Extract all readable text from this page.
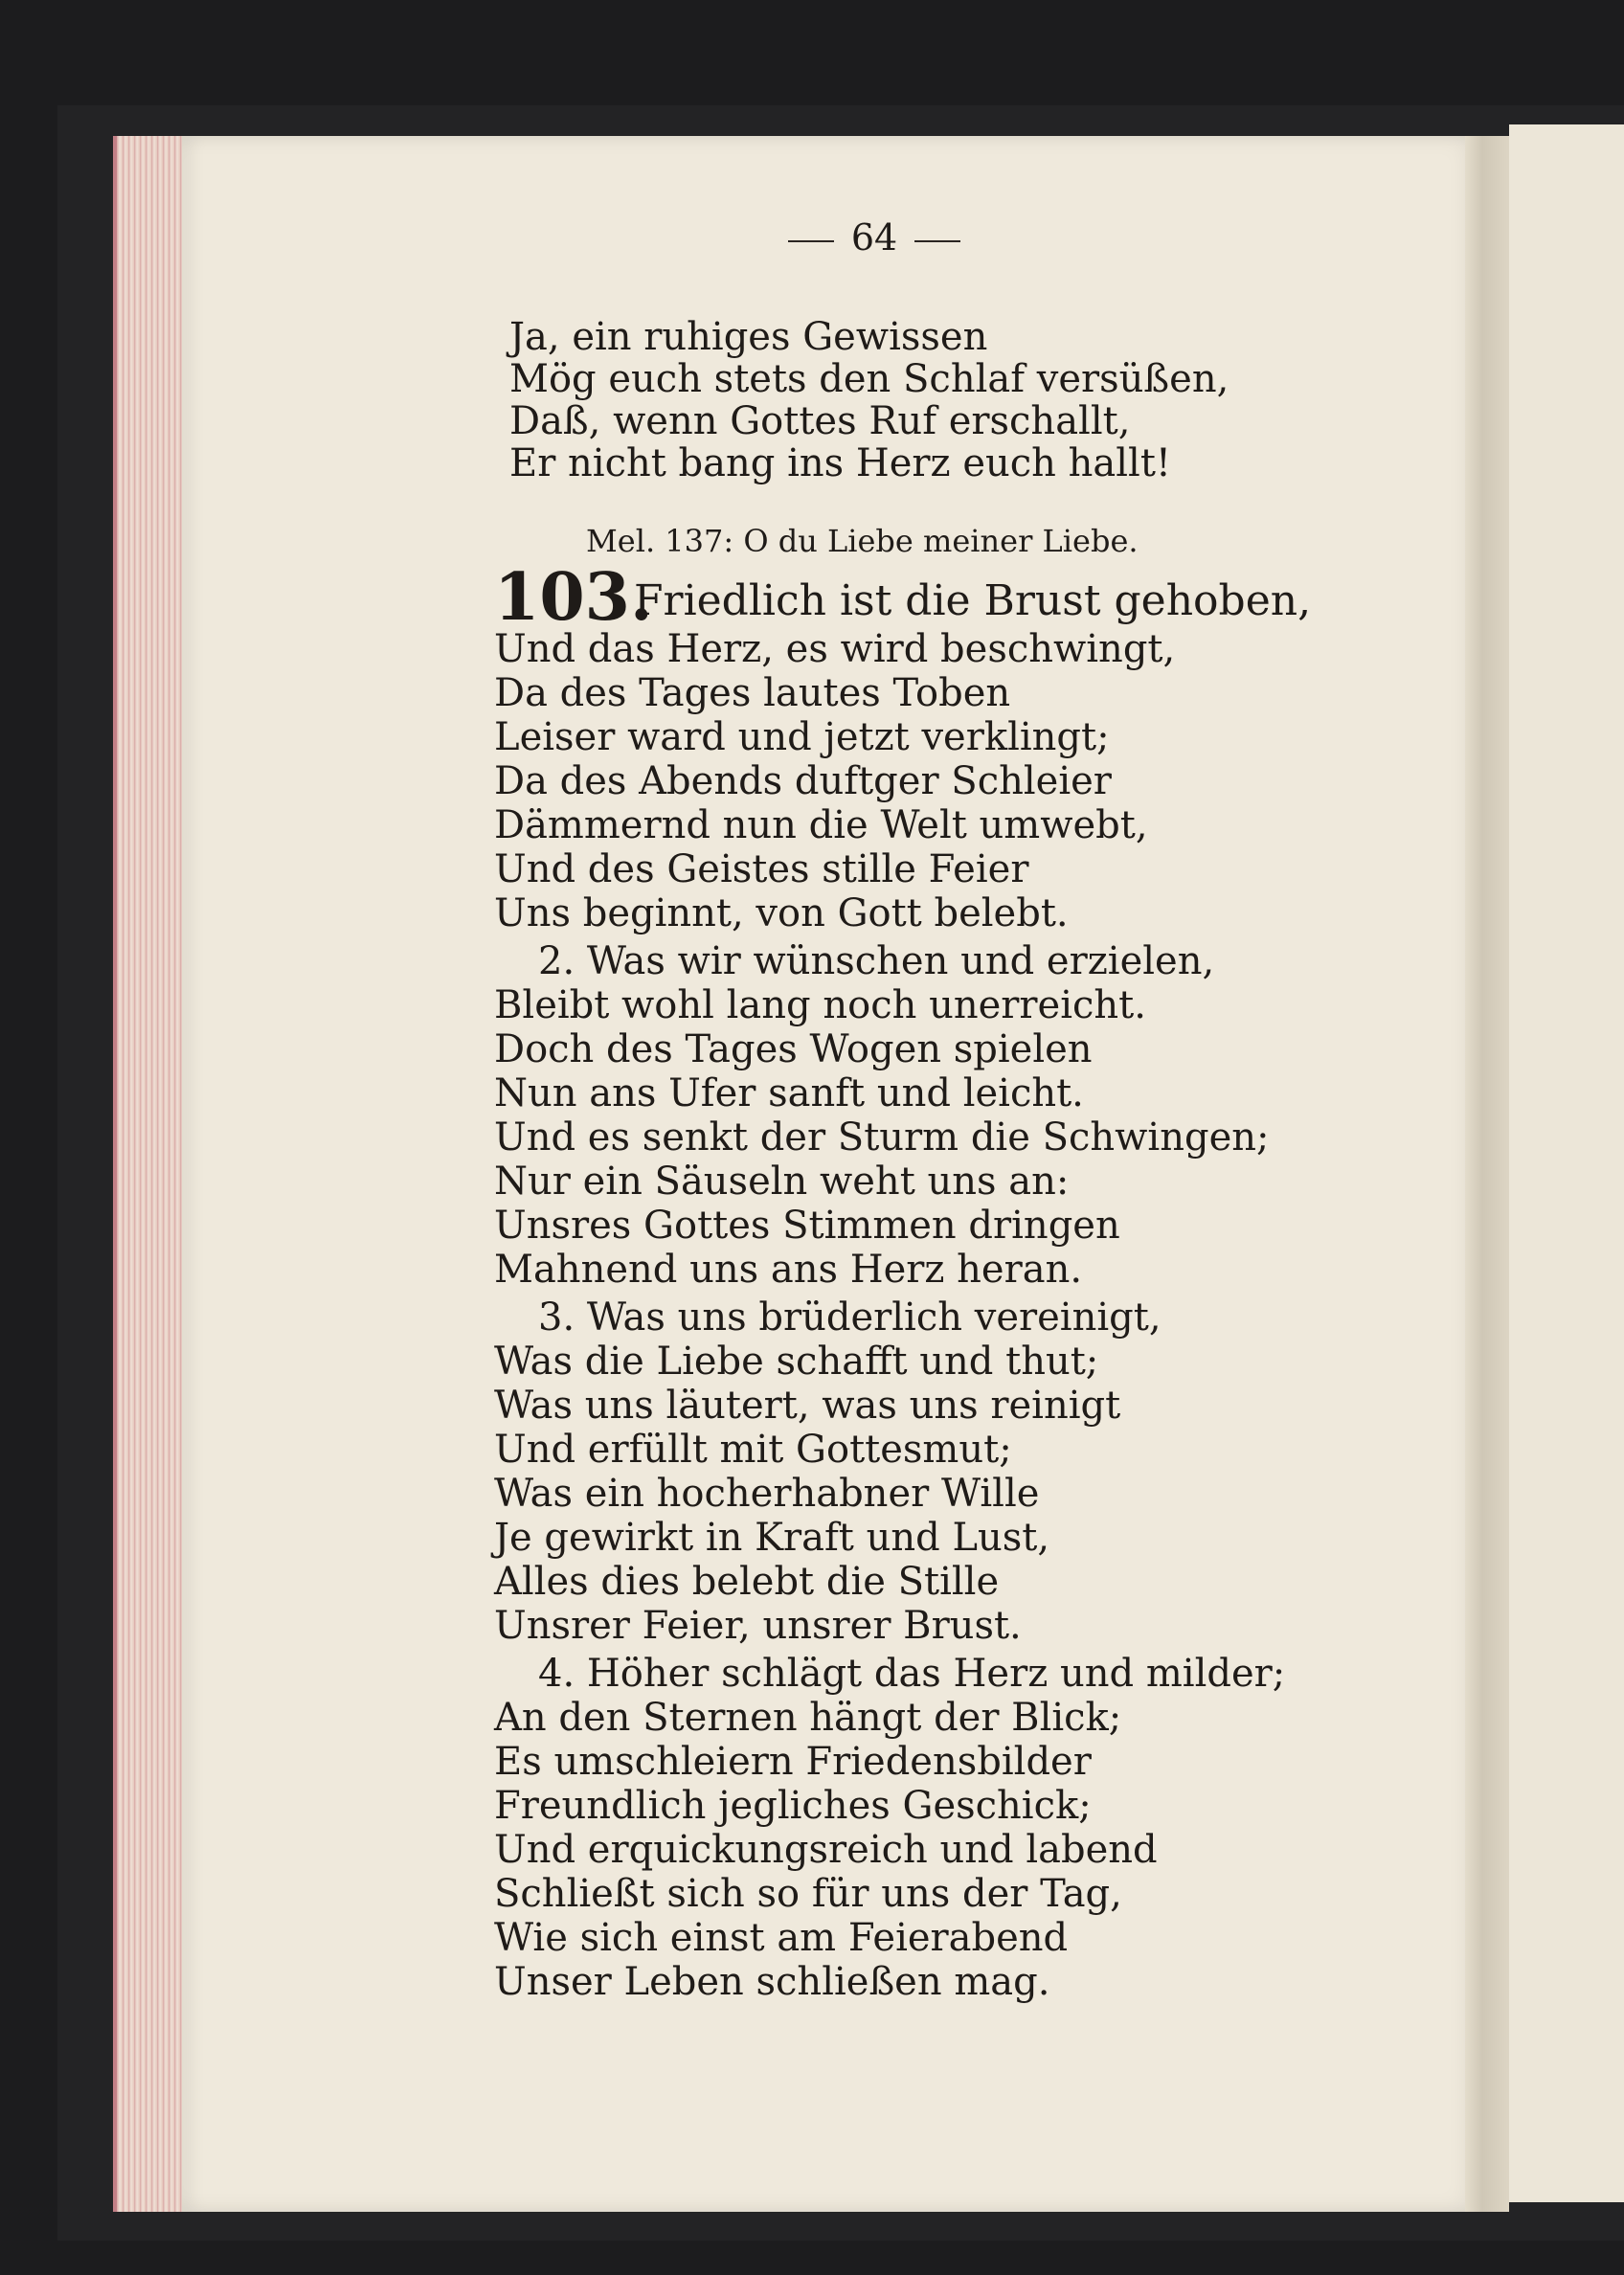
64
Ja, ein ruhiges Gewissen
Mög euch stets den Schlaf versüßen,
Daß, wenn Gottes Ruf erschallt,
Er nicht bang ins Herz euch hallt!
Mel. 137: O du Liebe meiner Liebe.
103.
Friedlich ist die Brust gehoben,
Und das Herz, es wird beschwingt,
Da des Tages lautes Toben
Leiser ward und jetzt verklingt;
Da des Abends duftger Schleier
Dämmernd nun die Welt umwebt,
Und des Geistes stille Feier
Uns beginnt, von Gott belebt.
2. Was wir wünschen und erzielen,
Bleibt wohl lang noch unerreicht.
Doch des Tages Wogen spielen
Nun ans Ufer sanft und leicht.
Und es senkt der Sturm die Schwingen;
Nur ein Säuseln weht uns an:
Unsres Gottes Stimmen dringen
Mahnend uns ans Herz heran.
3. Was uns brüderlich vereinigt,
Was die Liebe schafft und thut;
Was uns läutert, was uns reinigt
Und erfüllt mit Gottesmut;
Was ein hocherhabner Wille
Je gewirkt in Kraft und Lust,
Alles dies belebt die Stille
Unsrer Feier, unsrer Brust.
4. Höher schlägt das Herz und milder;
An den Sternen hängt der Blick;
Es umschleiern Friedensbilder
Freundlich jegliches Geschick;
Und erquickungsreich und labend
Schließt sich so für uns der Tag,
Wie sich einst am Feierabend
Unser Leben schließen mag.
